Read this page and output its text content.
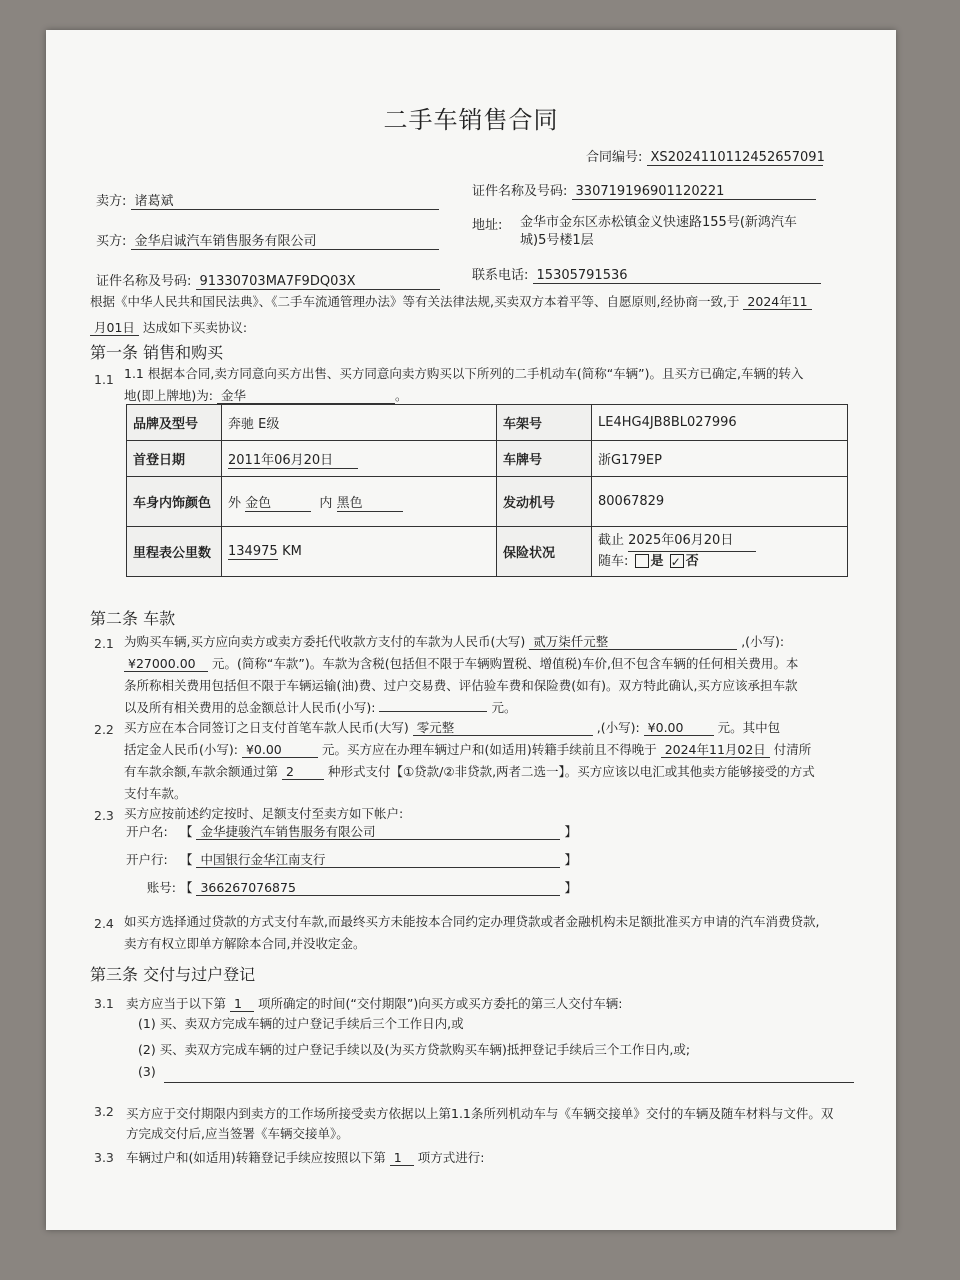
二手车销售合同
合同编号: XS2024110112452657091
卖方: 诸葛斌
证件名称及号码: 330719196901120221
买方: 金华启诚汽车销售服务有限公司
地址: 金华市金东区赤松镇金义快速路155号(新鸿汽车
城)5号楼1层
证件名称及号码: 91330703MA7F9DQ03X	联系电话: 15305791536
根据《中华人民共和国民法典》、《二手车流通管理办法》等有关法律法规,买卖双方本着平等、自愿原则,经协商一致,于 2024年11
月01日 达成如下买卖协议:
第一条 销售和购买
1.1 1.1 根据本合同,卖方同意向买方出售、买方同意向卖方购买以下所列的二手机动车(简称“车辆”)。且买方已确定,车辆的转入
地(即上牌地)为: 金华	。
品牌及型号	奔驰 E级	车架号	LE4HG4JB8BL027996
首登日期	2011年06月20日	车牌号	浙G179EP
车身内饰颜色	外 金色 内 黑色	发动机号	80067829
里程表公里数	134975 KM	保险状况	截止 2025年06月20日
随车: 是 ✓ 否
第二条 车款
2.1 为购买车辆,买方应向卖方或卖方委托代收款方支付的车款为人民币(大写) 贰万柒仟元整	,(小写):
¥27000.00 元。(简称“车款”)。车款为含税(包括但不限于车辆购置税、增值税)车价,但不包含车辆的任何相关费用。本
条所称相关费用包括但不限于车辆运输(油)费、过户交易费、评估验车费和保险费(如有)。双方特此确认,买方应该承担车款
以及所有相关费用的总金额总计人民币(小写):	元。
2.2 买方应在本合同签订之日支付首笔车款人民币(大写) 零元整	,(小写): ¥0.00	元。其中包
括定金人民币(小写): ¥0.00	元。买方应在办理车辆过户和(如适用)转籍手续前且不得晚于 2024年11月02日 付清所
有车款余额,车款余额通过第 2	种形式支付【①贷款/②非贷款,两者二选一】。买方应该以电汇或其他卖方能够接受的方式
支付车款。
2.3 买方应按前述约定按时、足额支付至卖方如下帐户:
开户名: 【 金华捷骏汽车销售服务有限公司	】
开户行: 【 中国银行金华江南支行	】
账号: 【 366267076875	】
2.4 如买方选择通过贷款的方式支付车款,而最终买方未能按本合同约定办理贷款或者金融机构未足额批准买方申请的汽车消费贷款,
卖方有权立即单方解除本合同,并没收定金。
第三条 交付与过户登记
3.1 卖方应当于以下第 1 项所确定的时间(“交付期限”)向买方或买方委托的第三人交付车辆:
(1) 买、卖双方完成车辆的过户登记手续后三个工作日内,或
(2) 买、卖双方完成车辆的过户登记手续以及(为买方贷款购买车辆)抵押登记手续后三个工作日内,或;
(3)
3.2 买方应于交付期限内到卖方的工作场所接受卖方依据以上第1.1条所列机动车与《车辆交接单》交付的车辆及随车材料与文件。双
方完成交付后,应当签署《车辆交接单》。
3.3 车辆过户和(如适用)转籍登记手续应按照以下第 1 项方式进行:
